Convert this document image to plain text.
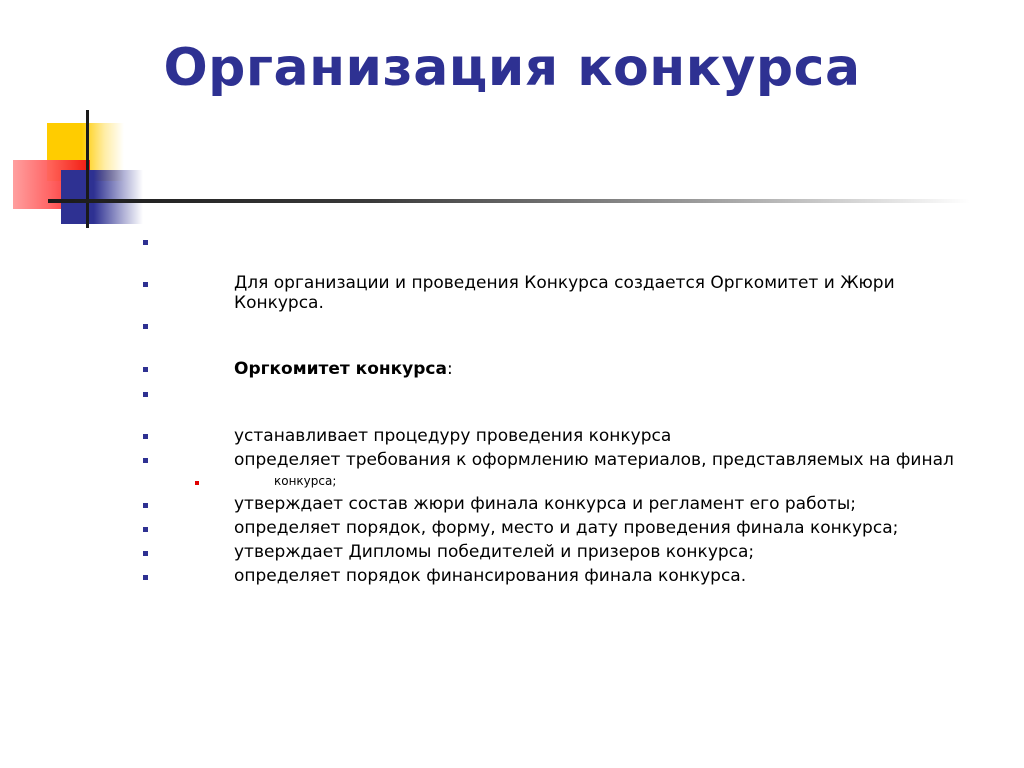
Организация конкурса
Для организации и проведения Конкурса создается Оргкомитет и Жюри
Конкурса.
Оргкомитет конкурса:
устанавливает процедуру проведения конкурса
определяет требования к оформлению материалов, представляемых на финал
конкурса;
утверждает состав жюри финала конкурса и регламент его работы;
определяет порядок, форму, место и дату проведения финала конкурса;
утверждает Дипломы победителей и призеров конкурса;
определяет порядок финансирования финала конкурса.
